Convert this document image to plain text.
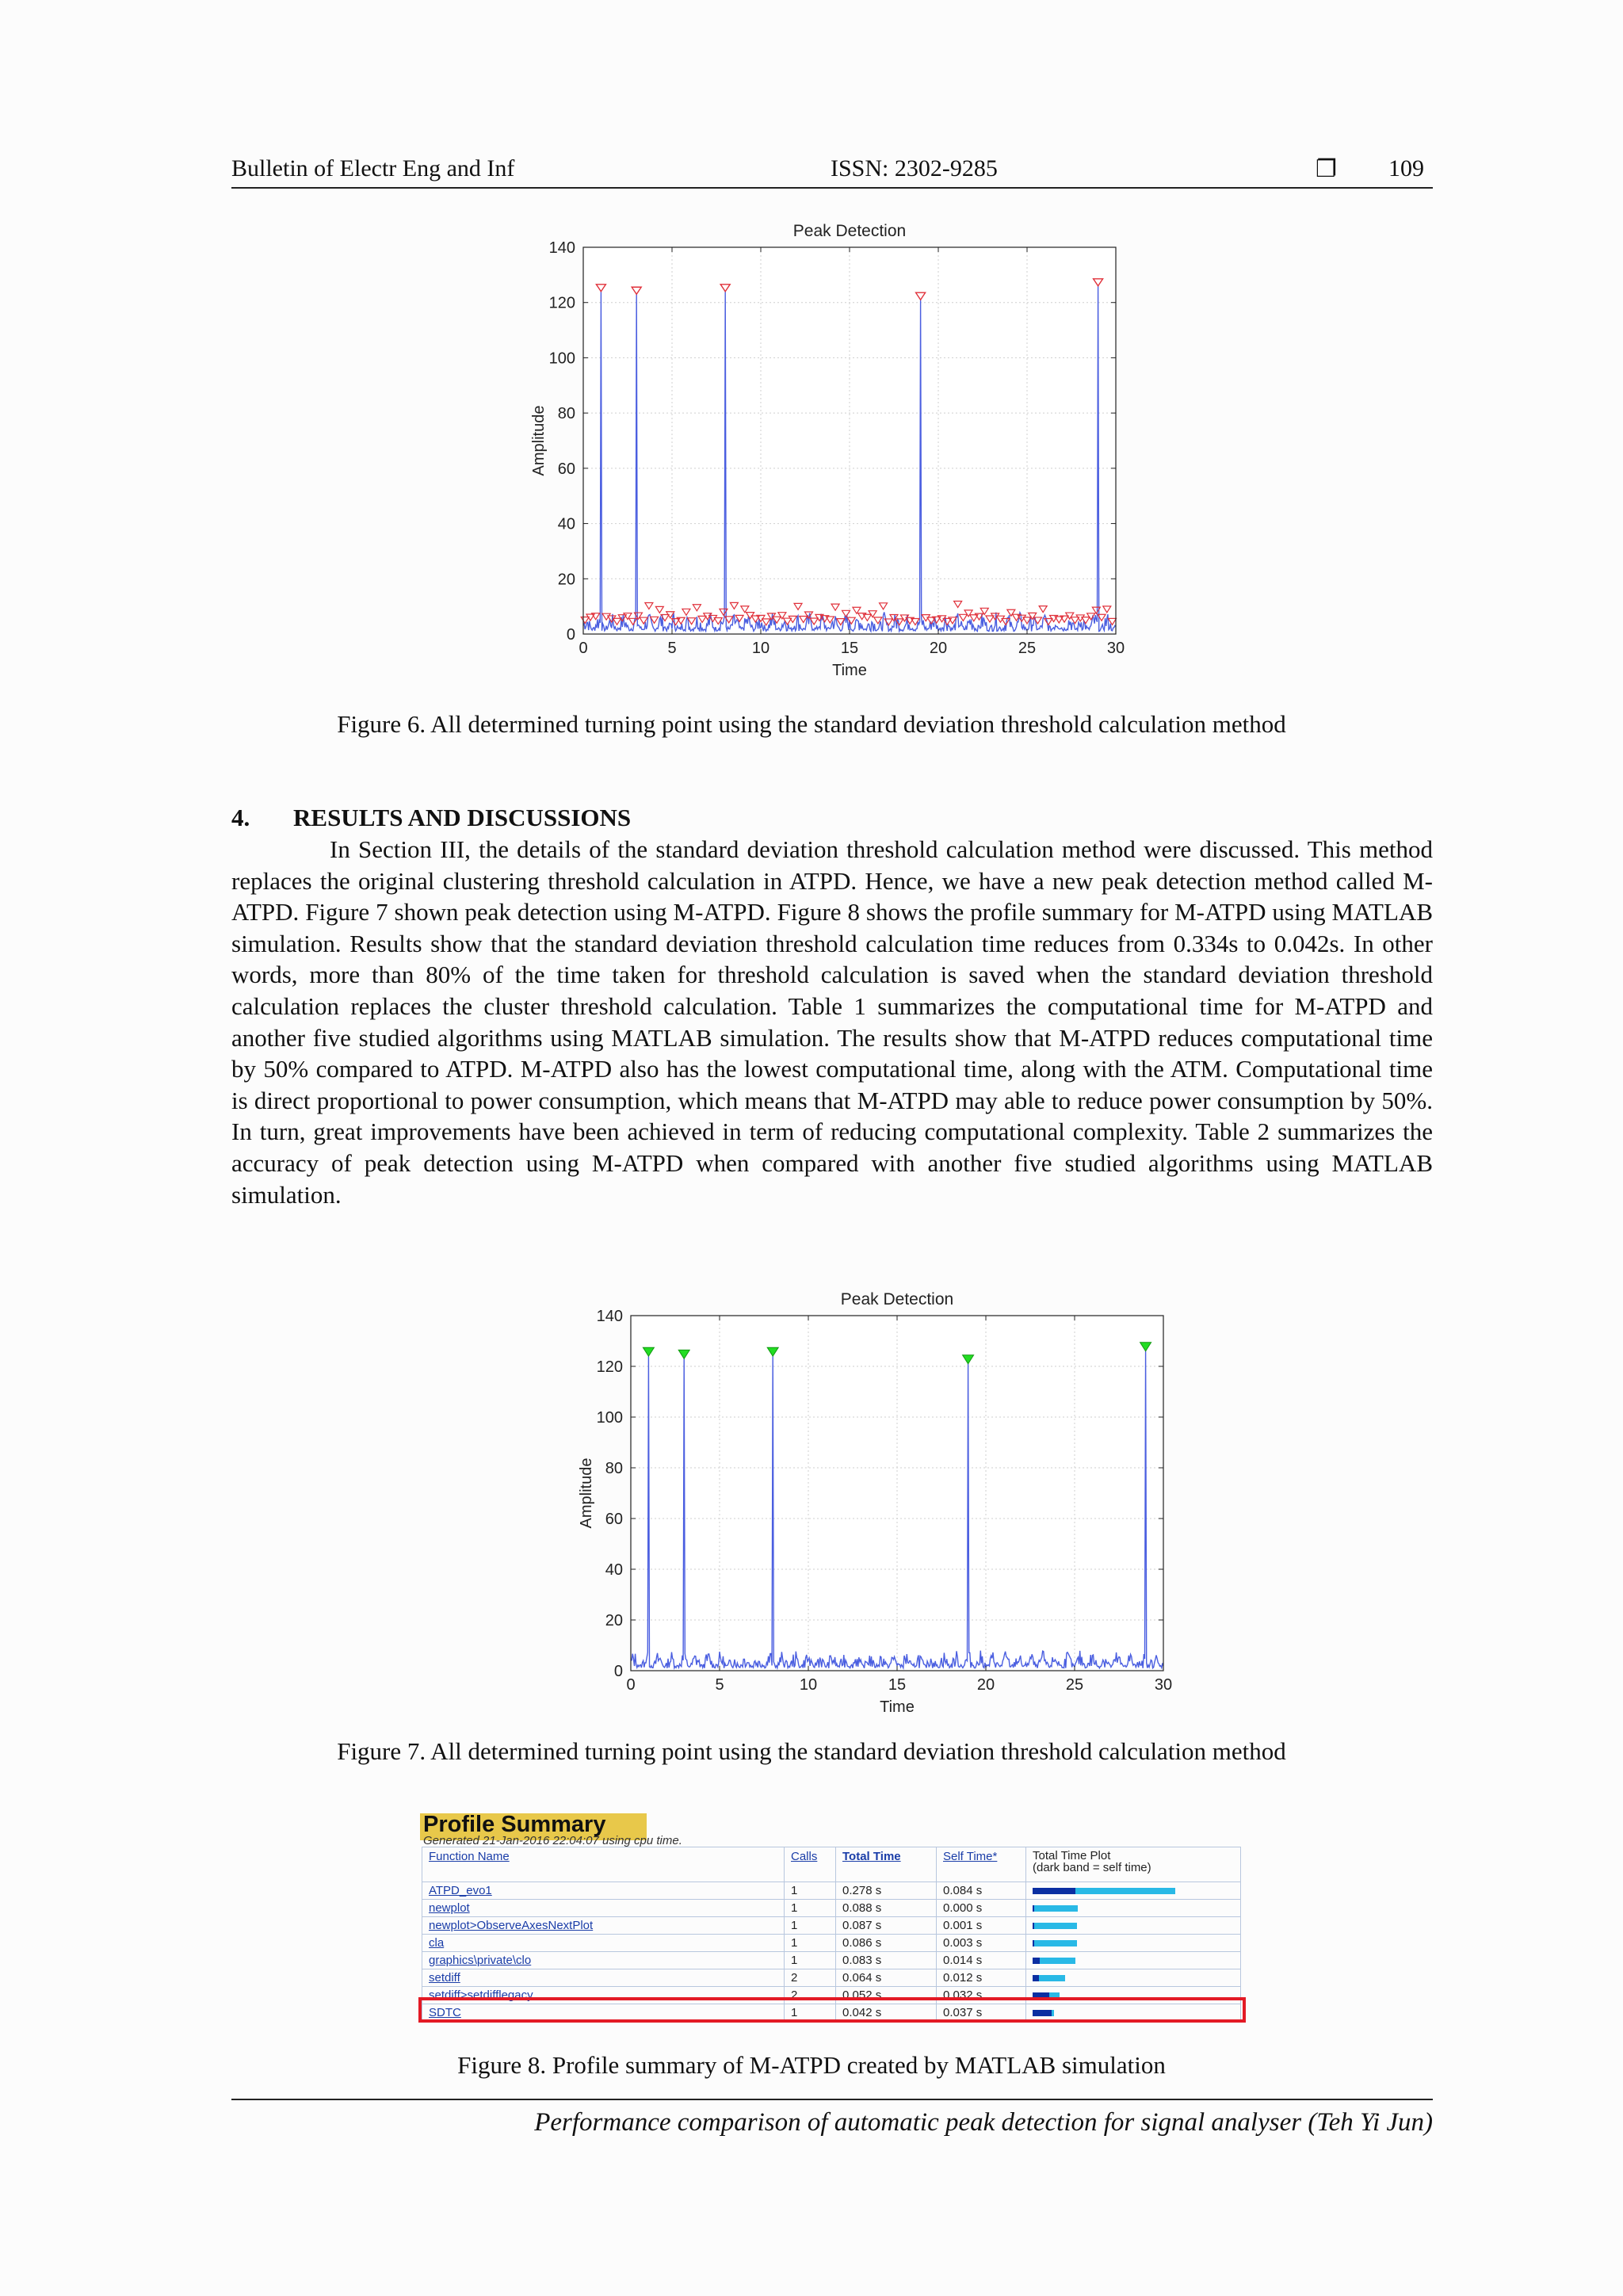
Bulletin of Electr Eng and Inf	ISSN: 2302-9285	❐ 109
0	5	10	15	20	25	30
0
20
40
60
80
100
120
140
Peak Detection
Time
Amplitude
Figure 6. All determined turning point using the standard deviation threshold calculation method
4. RESULTS AND DISCUSSIONS

In Section III, the details of the standard deviation threshold calculation method were discussed. This method replaces the original clustering threshold calculation in ATPD. Hence, we have a new peak detection method called M-ATPD. Figure 7 shown peak detection using M-ATPD. Figure 8 shows the profile summary for M-ATPD using MATLAB simulation. Results show that the standard deviation threshold calculation time reduces from 0.334s to 0.042s. In other words, more than 80% of the time taken for threshold calculation is saved when the standard deviation threshold calculation replaces the cluster threshold calculation. Table 1 summarizes the computational time for M-ATPD and another five studied algorithms using MATLAB simulation. The results show that M-ATPD reduces computational time by 50% compared to ATPD. M-ATPD also has the lowest computational time, along with the ATM. Computational time is direct proportional to power consumption, which means that M-ATPD may able to reduce power consumption by 50%. In turn, great improvements have been achieved in term of reducing computational complexity. Table 2 summarizes the accuracy of peak detection using M-ATPD when compared with another five studied algorithms using MATLAB simulation.

0	5	10	15	20	25	30
0
20
40
60
80
100
120
140
Peak Detection
Time
Amplitude
Figure 7. All determined turning point using the standard deviation threshold calculation method
Profile Summary
Generated 21-Jan-2016 22:04:07 using cpu time.
Function Name	Calls	Total Time	Self Time*	Total Time Plot
(dark band = self time)
ATPD_evo1	1	0.278 s	0.084 s	

newplot	1	0.088 s	0.000 s	

newplot>ObserveAxesNextPlot	1	0.087 s	0.001 s	

cla	1	0.086 s	0.003 s	

graphics\private\clo	1	0.083 s	0.014 s	

setdiff	2	0.064 s	0.012 s	

setdiff>setdifflegacy	2	0.052 s	0.032 s	

SDTC	1	0.042 s	0.037 s	
Figure 8. Profile summary of M-ATPD created by MATLAB simulation
Performance comparison of automatic peak detection for signal analyser (Teh Yi Jun)
